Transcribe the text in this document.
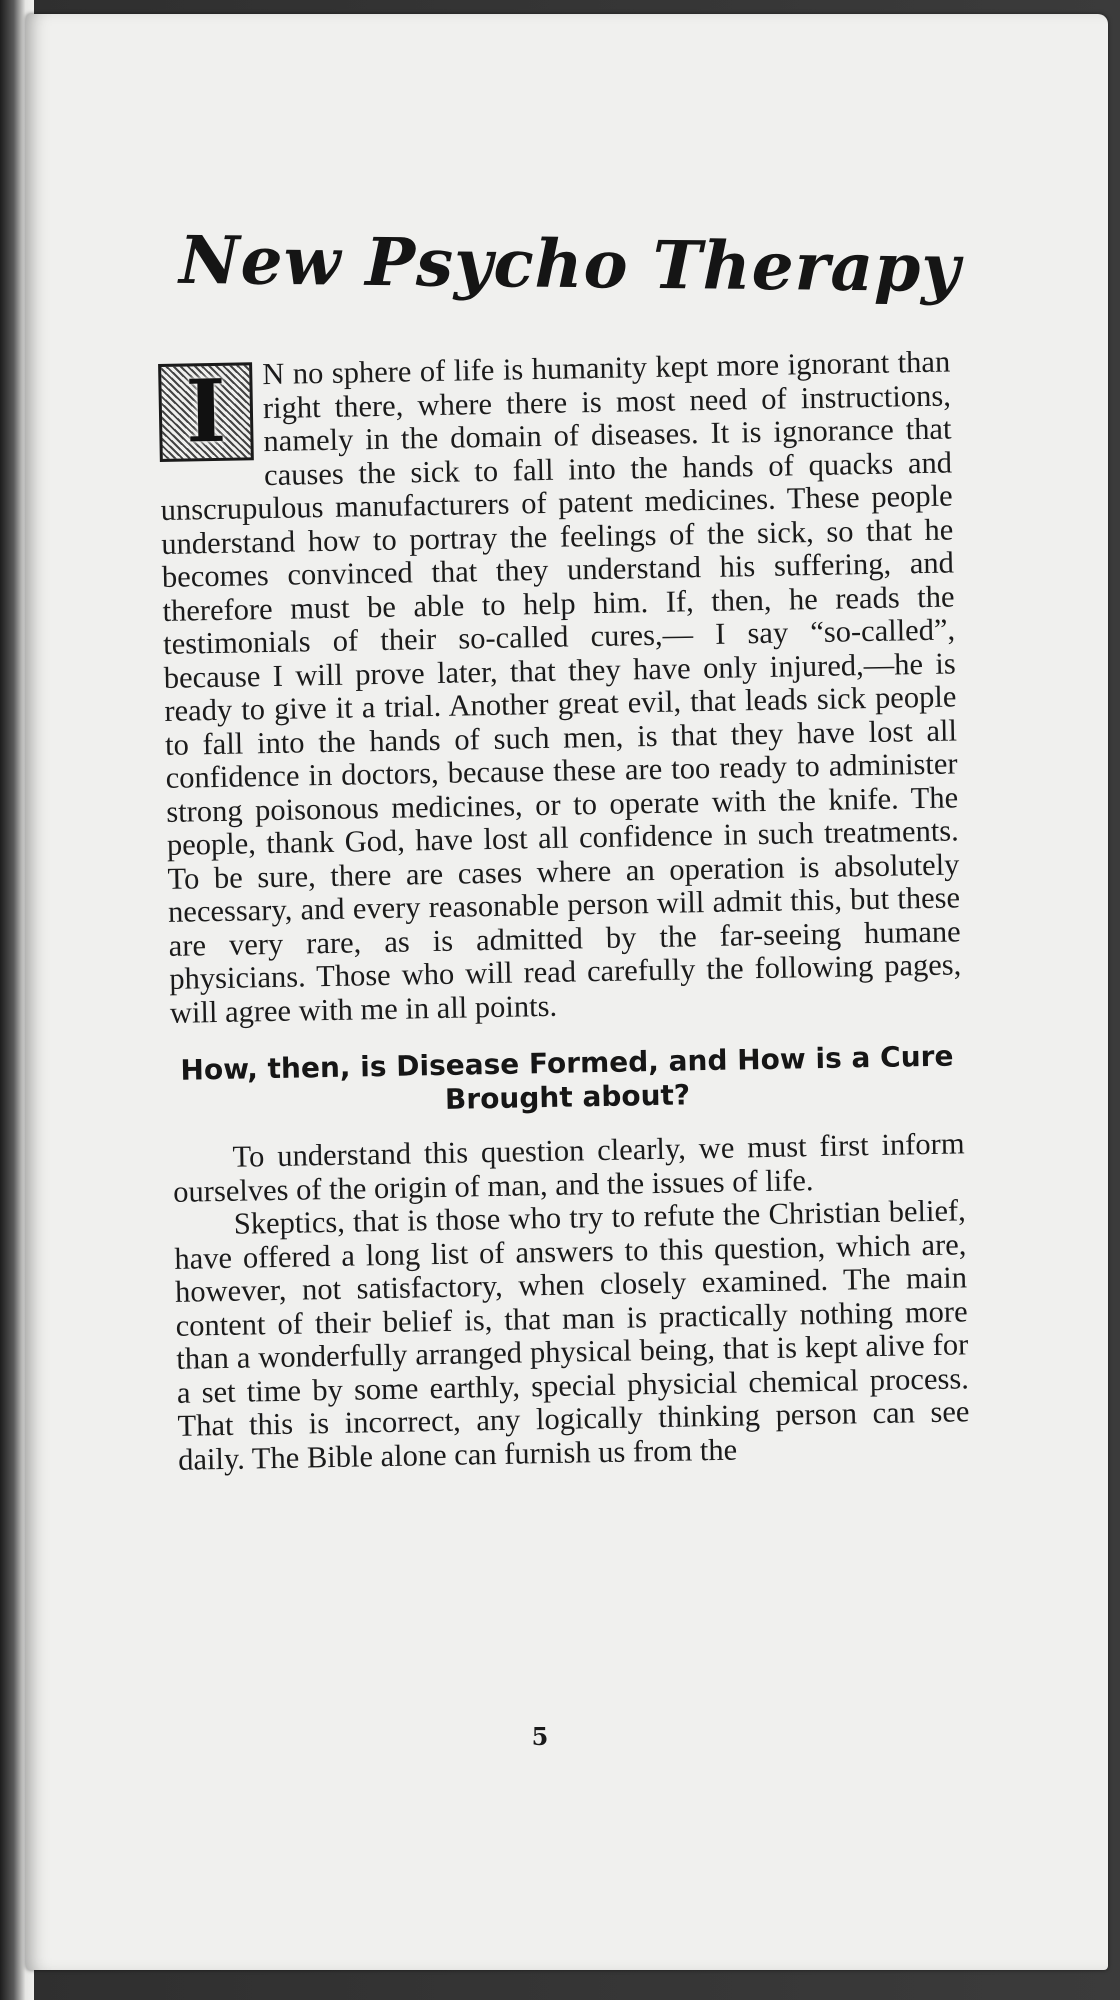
New Psycho Therapy

I	N no sphere of life is humanity kept more ignorant than right there, where there is most need of instructions, namely in the domain of diseases. It is ignorance that causes the sick to fall into the hands of quacks and unscrupulous manufacturers of patent medicines. These people understand how to portray the feelings of the sick, so that he becomes convinced that they understand his suffering, and therefore must be able to help him. If, then, he reads the testimonials of their so-called cures,— I say “so-called”, because I will prove later, that they have only injured,—he is ready to give it a trial. Another great evil, that leads sick people to fall into the hands of such men, is that they have lost all confidence in doctors, because these are too ready to administer strong poisonous medicines, or to operate with the knife. The people, thank God, have lost all confidence in such treatments. To be sure, there are cases where an operation is absolutely necessary, and every reasonable person will admit this, but these are very rare, as is admitted by the far-seeing humane physicians. Those who will read carefully the following pages, will agree with me in all points.

How, then, is Disease Formed, and How is a Cure Brought about?

To understand this question clearly, we must first inform ourselves of the origin of man, and the issues of life.

Skeptics, that is those who try to refute the Christian belief, have offered a long list of answers to this question, which are, however, not satisfactory, when closely examined. The main content of their belief is, that man is practically nothing more than a wonderfully arranged physical being, that is kept alive for a set time by some earthly, special physicial chemical process. That this is incorrect, any logically thinking person can see daily. The Bible alone can furnish us from the

5
